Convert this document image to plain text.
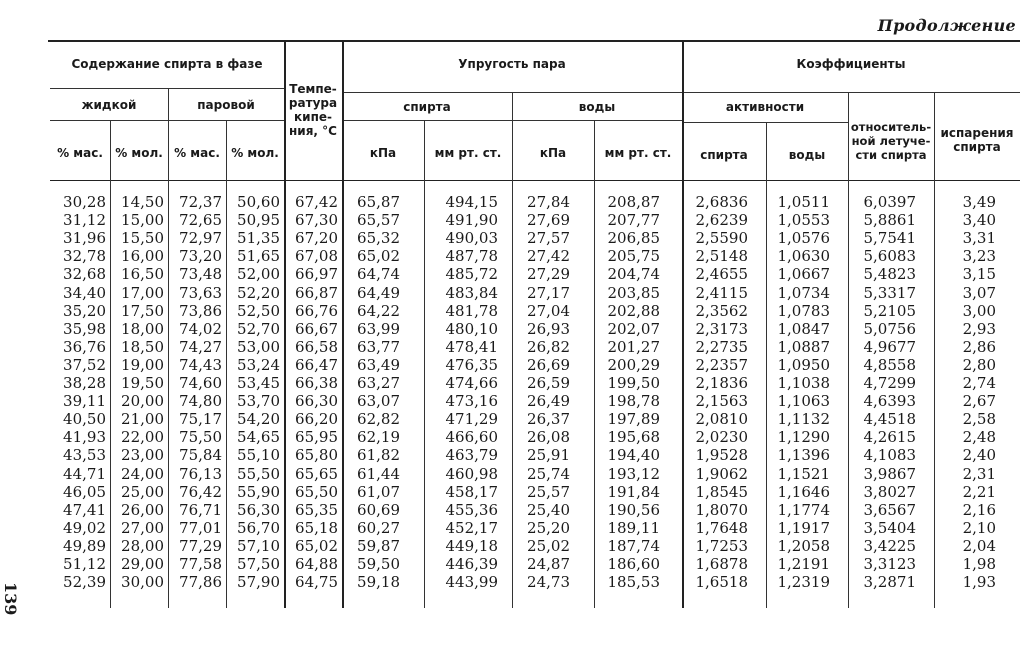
Продолжение
Содержание спирта в фазе
жидкой	паровой
% мас.	% мол. % мас. % мол.
Темпе-
ратура
кипе-
ния, °С
Упругость пара
спирта	воды
кПа	мм рт. ст.	кПа	мм рт. ст.
Коэффициенты
активности
спирта	воды
относитель-
ной летуче-
сти спирта
испарения
спирта
30,28 14,50 72,37 50,60 67,42 65,87	494,15 27,84	208,87 2,6836 1,0511 6,0397	3,49
31,12 15,00 72,65 50,95 67,30 65,57	491,90 27,69	207,77 2,6239 1,0553 5,8861	3,40
31,96 15,50 72,97 51,35 67,20 65,32	490,03 27,57	206,85 2,5590 1,0576 5,7541	3,31
32,78 16,00 73,20 51,65 67,08 65,02	487,78 27,42	205,75 2,5148 1,0630 5,6083	3,23
32,68 16,50 73,48 52,00 66,97 64,74	485,72 27,29	204,74 2,4655 1,0667 5,4823	3,15
34,40 17,00 73,63 52,20 66,87 64,49	483,84 27,17	203,85 2,4115 1,0734 5,3317	3,07
35,20 17,50 73,86 52,50 66,76 64,22	481,78 27,04	202,88 2,3562 1,0783 5,2105	3,00
35,98 18,00 74,02 52,70 66,67 63,99	480,10 26,93	202,07 2,3173 1,0847 5,0756	2,93
36,76 18,50 74,27 53,00 66,58 63,77	478,41 26,82	201,27 2,2735 1,0887 4,9677	2,86
37,52 19,00 74,43 53,24 66,47 63,49	476,35 26,69	200,29 2,2357 1,0950 4,8558	2,80
38,28 19,50 74,60 53,45 66,38 63,27	474,66 26,59	199,50 2,1836 1,1038 4,7299	2,74
39,11 20,00 74,80 53,70 66,30 63,07	473,16 26,49	198,78 2,1563 1,1063 4,6393	2,67
40,50 21,00 75,17 54,20 66,20 62,82	471,29 26,37	197,89 2,0810 1,1132 4,4518	2,58
41,93 22,00 75,50 54,65 65,95 62,19	466,60 26,08	195,68 2,0230 1,1290 4,2615	2,48
43,53 23,00 75,84 55,10 65,80 61,82	463,79 25,91	194,40 1,9528 1,1396 4,1083	2,40
44,71 24,00 76,13 55,50 65,65 61,44	460,98 25,74	193,12 1,9062 1,1521 3,9867	2,31
46,05 25,00 76,42 55,90 65,50 61,07	458,17 25,57	191,84 1,8545 1,1646 3,8027	2,21
47,41 26,00 76,71 56,30 65,35 60,69	455,36 25,40	190,56 1,8070 1,1774 3,6567	2,16
49,02 27,00 77,01 56,70 65,18 60,27	452,17 25,20	189,11 1,7648 1,1917 3,5404	2,10
49,89 28,00 77,29 57,10 65,02 59,87	449,18 25,02	187,74 1,7253 1,2058 3,4225	2,04
51,12 29,00 77,58 57,50 64,88 59,50	446,39 24,87	186,60 1,6878 1,2191 3,3123	1,98
52,39 30,00 77,86 57,90 64,75 59,18	443,99 24,73	185,53 1,6518 1,2319 3,2871	1,93
139
